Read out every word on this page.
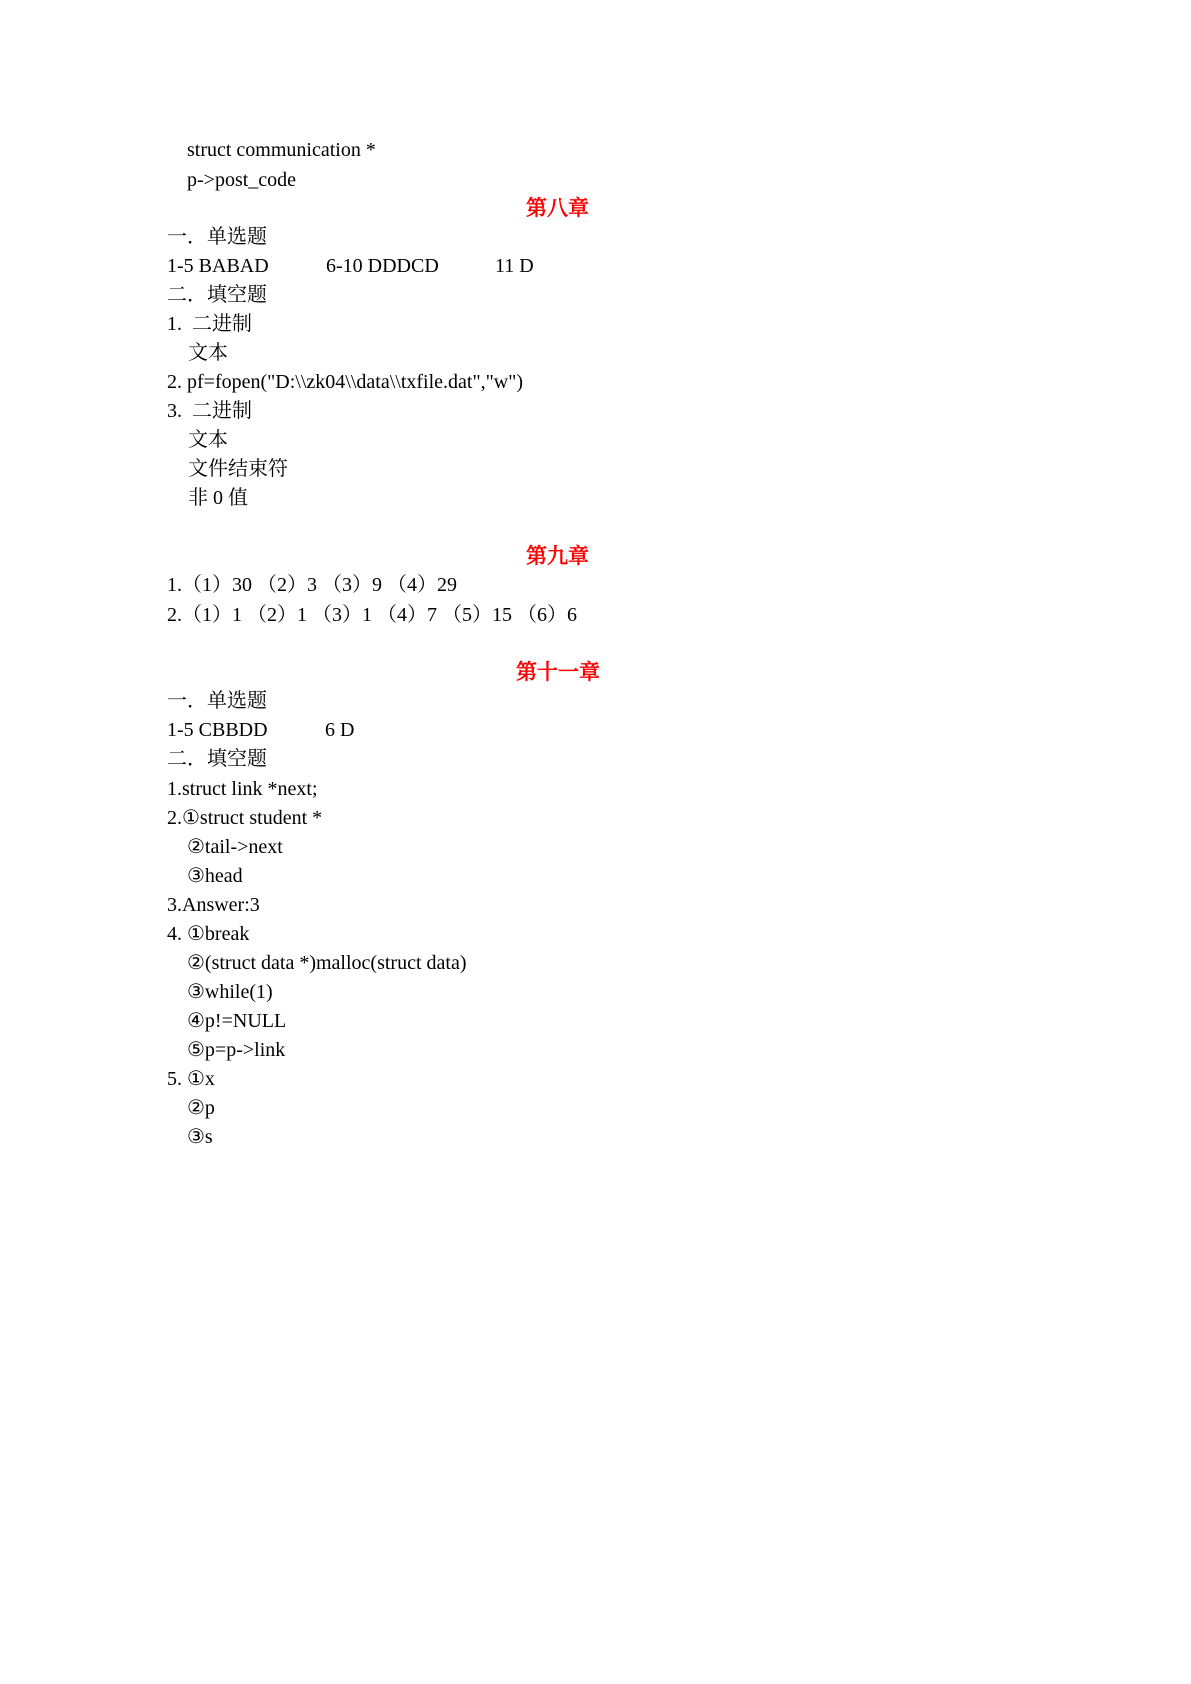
struct communication *
p->post_code
第八章
一．单选题
1-5 BABAD	6-10 DDDCD	11 D
二．填空题
1. 二进制
文本
2. pf=fopen("D:\\zk04\\data\\txfile.dat","w")
3. 二进制
文本
文件结束符
非 0 值
第九章
1.（1）30 （2）3 （3）9 （4）29
2.（1）1 （2）1 （3）1 （4）7 （5）15 （6）6
第十一章
一．单选题
1-5 CBBDD	6 D
二．填空题
1.struct link *next;
2.①struct student *
②tail->next
③head
3.Answer:3
4. ①break
②(struct data *)malloc(struct data)
③while(1)
④p!=NULL
⑤p=p->link
5. ①x
②p
③s
